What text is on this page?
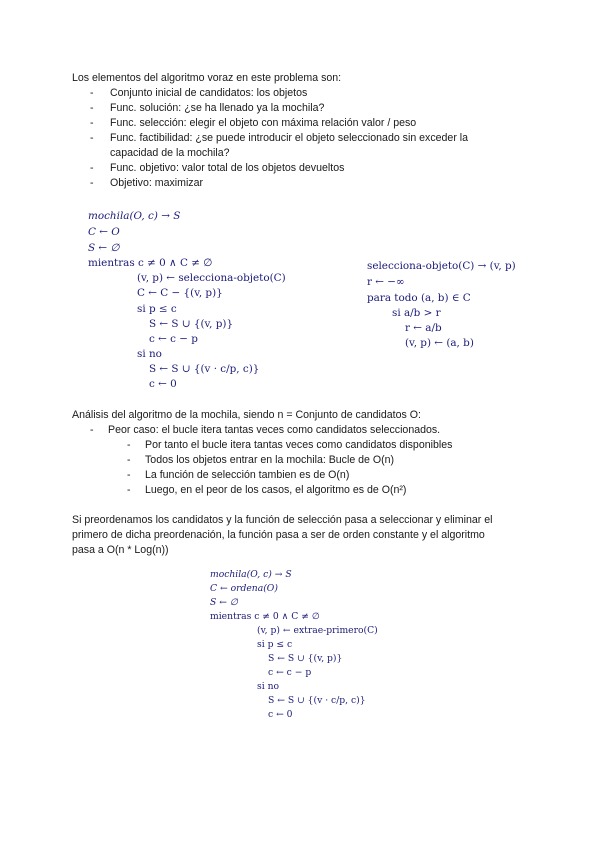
Los elementos del algoritmo voraz en este problema son:
- Conjunto inicial de candidatos: los objetos
- Func. solución: ¿se ha llenado ya la mochila?
- Func. selección: elegir el objeto con máxima relación valor / peso
- Func. factibilidad: ¿se puede introducir el objeto seleccionado sin exceder la
capacidad de la mochila?
- Func. objetivo: valor total de los objetos devueltos
- Objetivo: maximizar
mochila(O, c) → S
C ← O
S ← ∅
mientras c ≠ 0 ∧ C ≠ ∅
(v, p) ← selecciona-objeto(C)
C ← C − {(v, p)}
si p ≤ c
S ← S ∪ {(v, p)}
c ← c − p
si no
S ← S ∪ {(v · c/p, c)}
c ← 0
selecciona-objeto(C) → (v, p)
r ← −∞
para todo (a, b) ∈ C
si a/b > r
r ← a/b
(v, p) ← (a, b)
Análisis del algoritmo de la mochila, siendo n = Conjunto de candidatos O:
- Peor caso: el bucle itera tantas veces como candidatos seleccionados.
- Por tanto el bucle itera tantas veces como candidatos disponibles
- Todos los objetos entrar en la mochila: Bucle de O(n)
- La función de selección tambien es de O(n)
- Luego, en el peor de los casos, el algoritmo es de O(n²)
Si preordenamos los candidatos y la función de selección pasa a seleccionar y eliminar el
primero de dicha preordenación, la función pasa a ser de orden constante y el algoritmo
pasa a O(n * Log(n))
mochila(O, c) → S
C ← ordena(O)
S ← ∅
mientras c ≠ 0 ∧ C ≠ ∅
(v, p) ← extrae-primero(C)
si p ≤ c
S ← S ∪ {(v, p)}
c ← c − p
si no
S ← S ∪ {(v · c/p, c)}
c ← 0
